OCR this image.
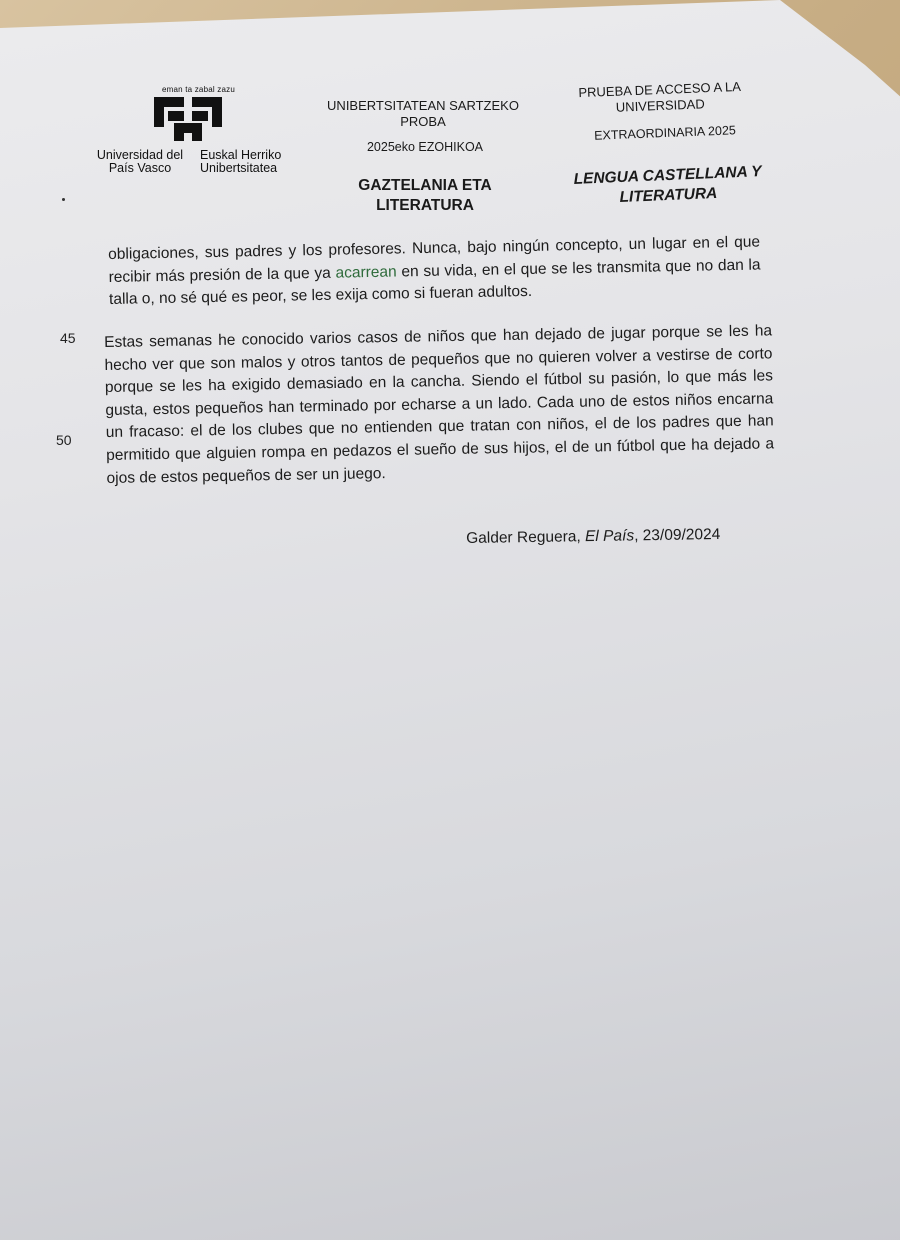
eman ta zabal zazu
Universidad del País Vasco
Euskal Herriko Unibertsitatea
UNIBERTSITATEAN SARTZEKO PROBA
2025eko EZOHIKOA
GAZTELANIA ETA LITERATURA
PRUEBA DE ACCESO A LA UNIVERSIDAD
EXTRAORDINARIA 2025
LENGUA CASTELLANA Y LITERATURA
obligaciones, sus padres y los profesores. Nunca, bajo ningún concepto, un lugar en el que recibir más presión de la que ya acarrean en su vida, en el que se les transmita que no dan la talla o, no sé qué es peor, se les exija como si fueran adultos.
45
50
Estas semanas he conocido varios casos de niños que han dejado de jugar porque se les ha hecho ver que son malos y otros tantos de pequeños que no quieren volver a vestirse de corto porque se les ha exigido demasiado en la cancha. Siendo el fútbol su pasión, lo que más les gusta, estos pequeños han terminado por echarse a un lado. Cada uno de estos niños encarna un fracaso: el de los clubes que no entienden que tratan con niños, el de los padres que han permitido que alguien rompa en pedazos el sueño de sus hijos, el de un fútbol que ha dejado a ojos de estos pequeños de ser un juego.
Galder Reguera, El País, 23/09/2024
